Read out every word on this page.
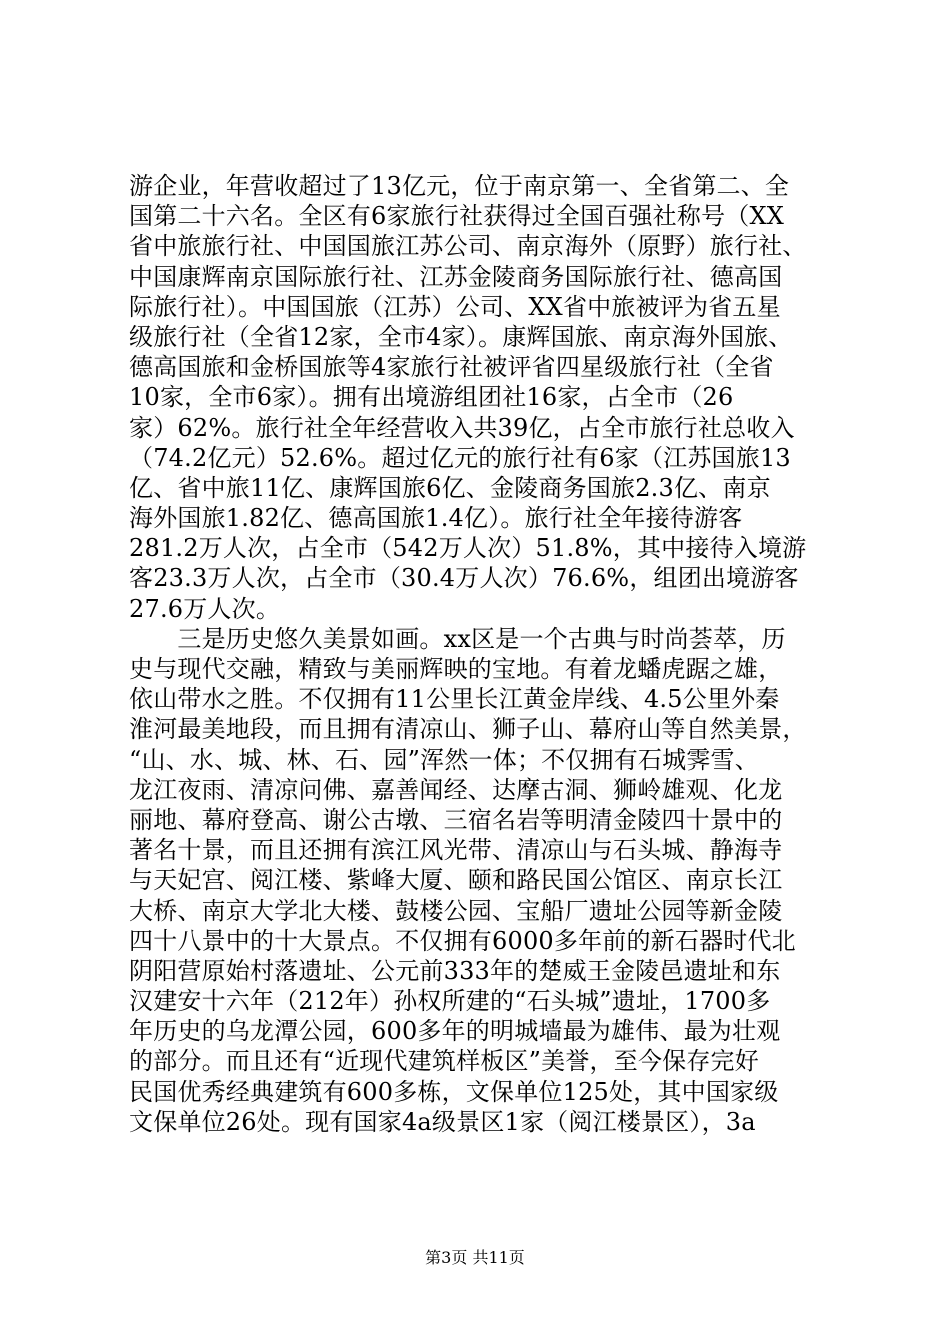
游企业，年营收超过了13亿元，位于南京第一、全省第二、全
国第二十六名。全区有6家旅行社获得过全国百强社称号（XX
省中旅旅行社、中国国旅江苏公司、南京海外（原野）旅行社、
中国康辉南京国际旅行社、江苏金陵商务国际旅行社、德高国
际旅行社）。中国国旅（江苏）公司、XX省中旅被评为省五星
级旅行社（全省12家，全市4家）。康辉国旅、南京海外国旅、
德高国旅和金桥国旅等4家旅行社被评省四星级旅行社（全省
10家，全市6家）。拥有出境游组团社16家，占全市（26
家）62%。旅行社全年经营收入共39亿，占全市旅行社总收入
（74.2亿元）52.6%。超过亿元的旅行社有6家（江苏国旅13
亿、省中旅11亿、康辉国旅6亿、金陵商务国旅2.3亿、南京
海外国旅1.82亿、德高国旅1.4亿）。旅行社全年接待游客
281.2万人次，占全市（542万人次）51.8%，其中接待入境游
客23.3万人次，占全市（30.4万人次）76.6%，组团出境游客
27.6万人次。
　　三是历史悠久美景如画。xx区是一个古典与时尚荟萃，历
史与现代交融，精致与美丽辉映的宝地。有着龙蟠虎踞之雄，
依山带水之胜。不仅拥有11公里长江黄金岸线、4.5公里外秦
淮河最美地段，而且拥有清凉山、狮子山、幕府山等自然美景，
“山、水、城、林、石、园”浑然一体；不仅拥有石城霁雪、
龙江夜雨、清凉问佛、嘉善闻经、达摩古洞、狮岭雄观、化龙
丽地、幕府登高、谢公古墩、三宿名岩等明清金陵四十景中的
著名十景，而且还拥有滨江风光带、清凉山与石头城、静海寺
与天妃宫、阅江楼、紫峰大厦、颐和路民国公馆区、南京长江
大桥、南京大学北大楼、鼓楼公园、宝船厂遗址公园等新金陵
四十八景中的十大景点。不仅拥有6000多年前的新石器时代北
阴阳营原始村落遗址、公元前333年的楚威王金陵邑遗址和东
汉建安十六年（212年）孙权所建的“石头城”遗址，1700多
年历史的乌龙潭公园，600多年的明城墙最为雄伟、最为壮观
的部分。而且还有“近现代建筑样板区”美誉，至今保存完好
民国优秀经典建筑有600多栋，文保单位125处，其中国家级
文保单位26处。现有国家4a级景区1家（阅江楼景区），3a
第3页 共11页
